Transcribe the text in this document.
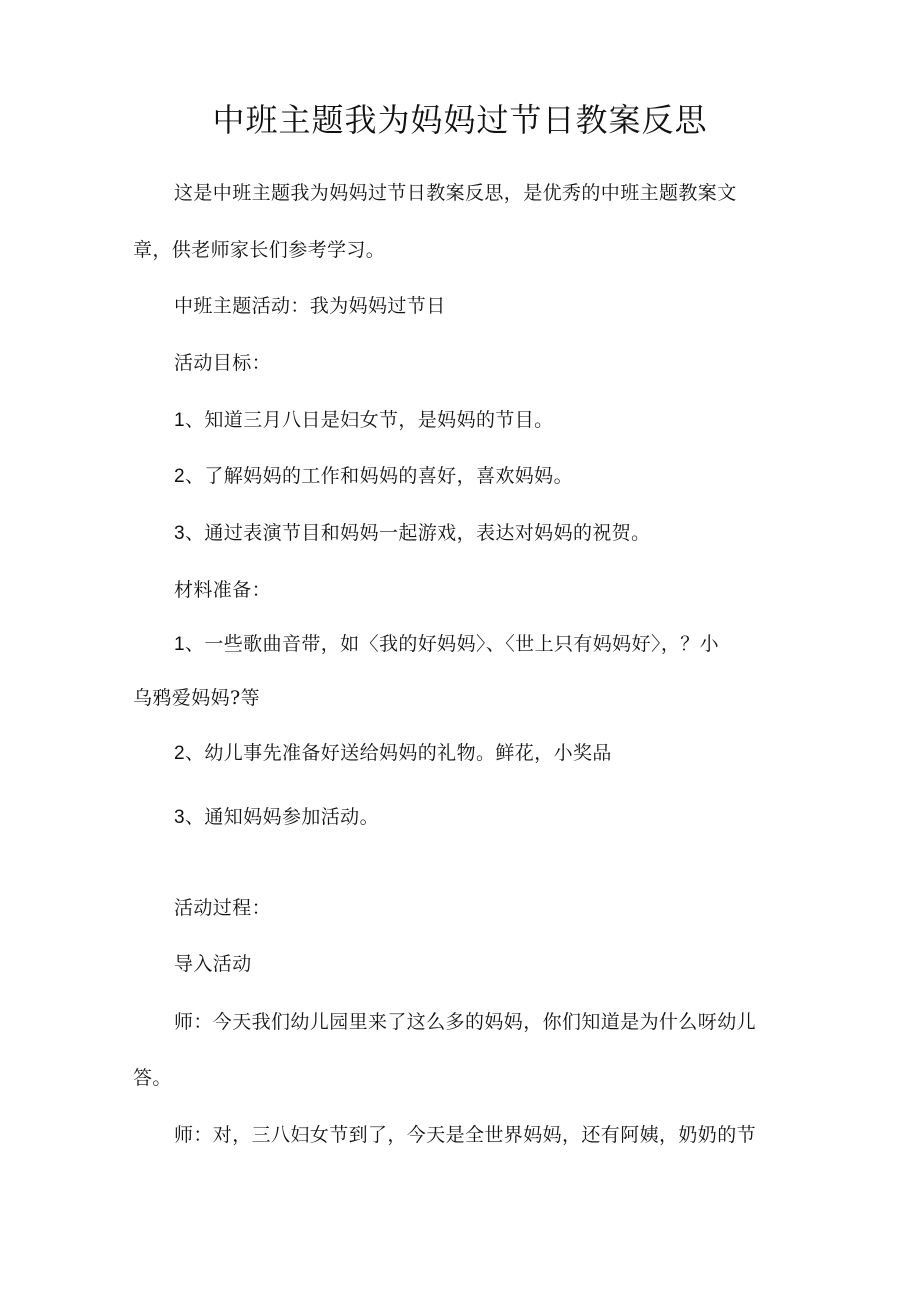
中班主题我为妈妈过节日教案反思
这是中班主题我为妈妈过节日教案反思，是优秀的中班主题教案文
章，供老师家长们参考学习。
中班主题活动：我为妈妈过节日
活动目标：
1、知道三月八日是妇女节，是妈妈的节目。
2、了解妈妈的工作和妈妈的喜好，喜欢妈妈。
3、通过表演节目和妈妈一起游戏，表达对妈妈的祝贺。
材料准备：
1、一些歌曲音带，如〈我的好妈妈〉、〈世上只有妈妈好〉，？小
乌鸦爱妈妈?等
2、幼儿事先准备好送给妈妈的礼物。鲜花，小奖品
3、通知妈妈参加活动。
活动过程：
导入活动
师：今天我们幼儿园里来了这么多的妈妈，你们知道是为什么呀幼儿
答。
师：对，三八妇女节到了，今天是全世界妈妈，还有阿姨，奶奶的节
